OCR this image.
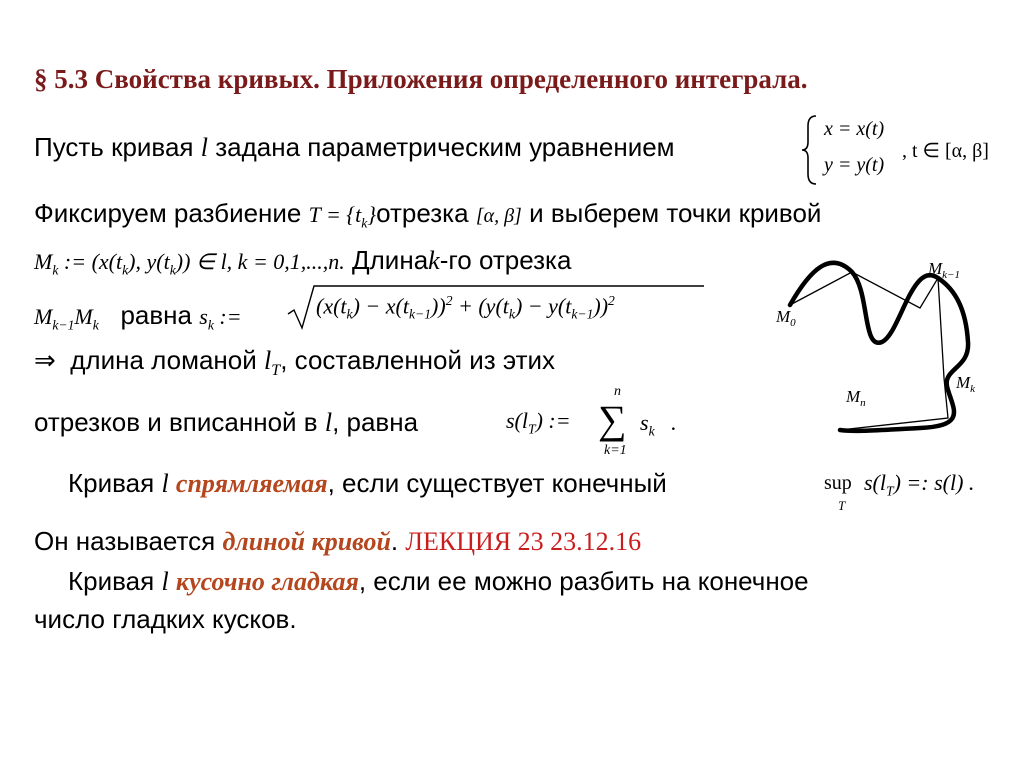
§ 5.3 Свойства кривых. Приложения определенного интеграла.
Пусть кривая l задана параметрическим уравнением
x = x(t)
y = y(t)
, t ∈ [α, β]
Фиксируем разбиение $T = \{t_k\}отрезка$ [α, β] и выберем точки кривой
$M_k$ := ($x(t_k)$, $y(t_k)$) ∈ l, k = 0,1,...,n. Длинаk-го отрезка
$M_{k-1}M_k$ равна $s_k$ :=	$(x(t_k) - x(t_{k-1}))^2 + (y(t_k) - y(t_{k-1}))^2$
⇒ длина ломаной $l_T$, составленной из этих
отрезков и вписанной в l, равна	$s(l_T)$ := ∑
n
k=1
$s_k$ .
Кривая l спрямляемая, если существует конечный	sup
T
$s(l_T)$ =: s(l) .
Он называется длиной кривой. ЛЕКЦИЯ 23 23.12.16
Кривая l кусочно гладкая, если ее можно разбить на конечное
число гладких кусков.
$M_0$
$M_{k-1}$
$M_k$
$M_n$
